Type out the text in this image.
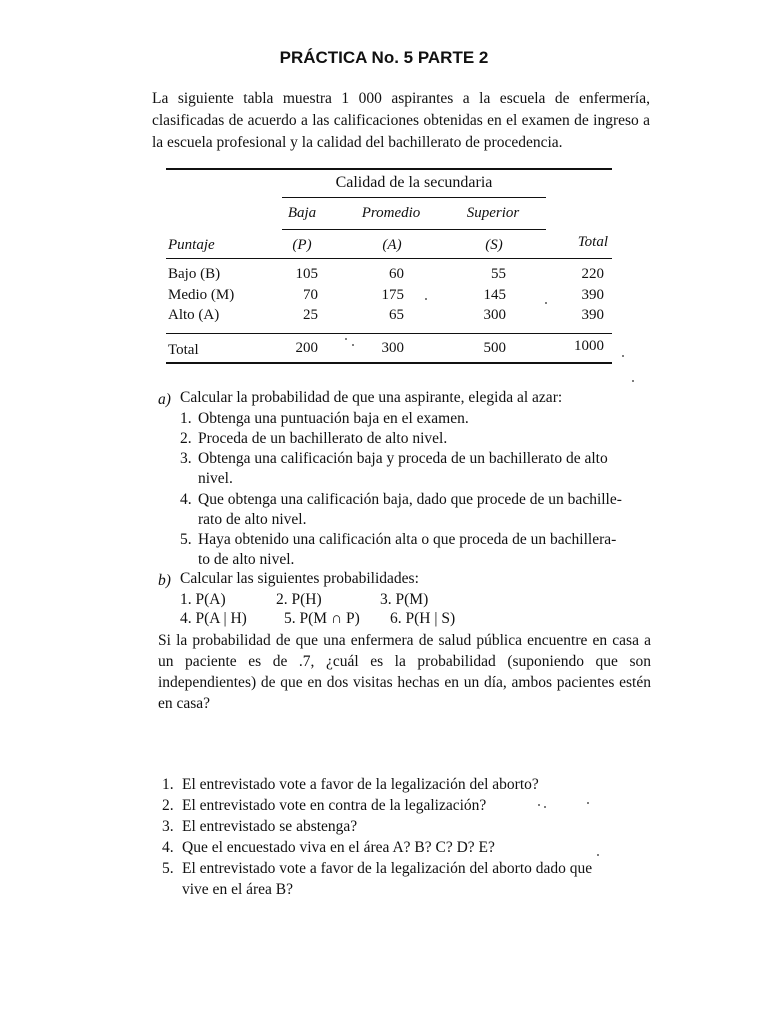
PRÁCTICA No. 5 PARTE 2
La siguiente tabla muestra 1 000 aspirantes a la escuela de enfermería, clasificadas de acuerdo a las calificaciones obtenidas en el examen de ingreso a la escuela profesional y la calidad del bachillerato de procedencia.
Calidad de la secundaria
Baja	Promedio	Superior
Puntaje	(P)	(A)	(S)	Total
Bajo (B)	105	60	55	220
Medio (M)	70	175	145	390
Alto (A)	25	65	300	390
Total	200	300	500	1000
a) Calcular la probabilidad de que una aspirante, elegida al azar:
1. Obtenga una puntuación baja en el examen.
2. Proceda de un bachillerato de alto nivel.
3. Obtenga una calificación baja y proceda de un bachillerato de alto
nivel.
4. Que obtenga una calificación baja, dado que procede de un bachille-
rato de alto nivel.
5. Haya obtenido una calificación alta o que proceda de un bachillera-
to de alto nivel.
b) Calcular las siguientes probabilidades:
1. P(A)	2. P(H)	3. P(M)
4. P(A | H) 5. P(M ∩ P) 6. P(H | S)
Si la probabilidad de que una enfermera de salud pública encuentre en casa a un paciente es de .7, ¿cuál es la probabilidad (suponiendo que son independientes) de que en dos visitas hechas en un día, ambos pacientes estén en casa?
1. El entrevistado vote a favor de la legalización del aborto?
2. El entrevistado vote en contra de la legalización?
3. El entrevistado se abstenga?
4. Que el encuestado viva en el área A? B? C? D? E?
5. El entrevistado vote a favor de la legalización del aborto dado que
vive en el área B?
